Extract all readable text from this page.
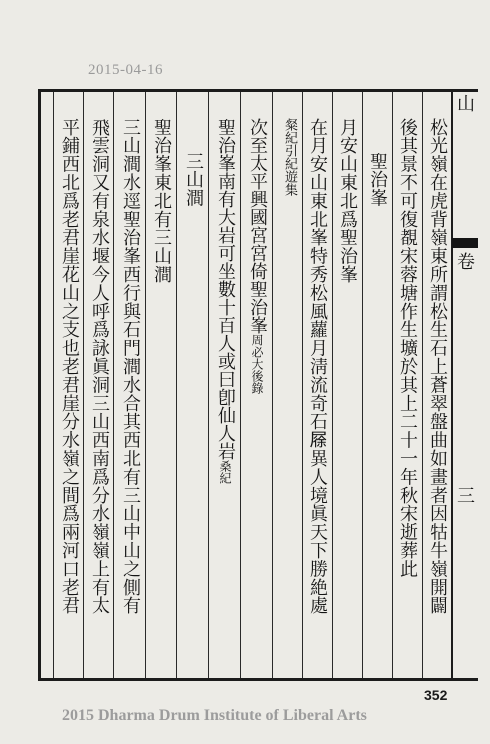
2015-04-16
山
卷
三
松光嶺在虎背嶺東所謂松生石上蒼翠盤曲如畫者因牯牛嶺開闢
後其景不可復覩宋蓉塘作生壙於其上二十一年秋宋逝葬此
聖治峯
月安山東北爲聖治峯
在月安山東北峯特秀松風蘿月淸流奇石𡲰異人境眞天下勝絶處
粲紀引紀遊集
次至太平興國宮宮倚聖治峯周必大後錄
聖治峯南有大岩可坐數十百人或曰卽仙人岩桑紀
三山澗
聖治峯東北有三山澗
三山澗水逕聖治峯西行與石門澗水合其西北有三山中山之側有
飛雲洞又有泉水堰今人呼爲詠眞洞三山西南爲分水嶺嶺上有太
平鋪西北爲老君崖花山之支也老君崖分水嶺之間爲兩河口老君
352
2015 Dharma Drum Institute of Liberal Arts
